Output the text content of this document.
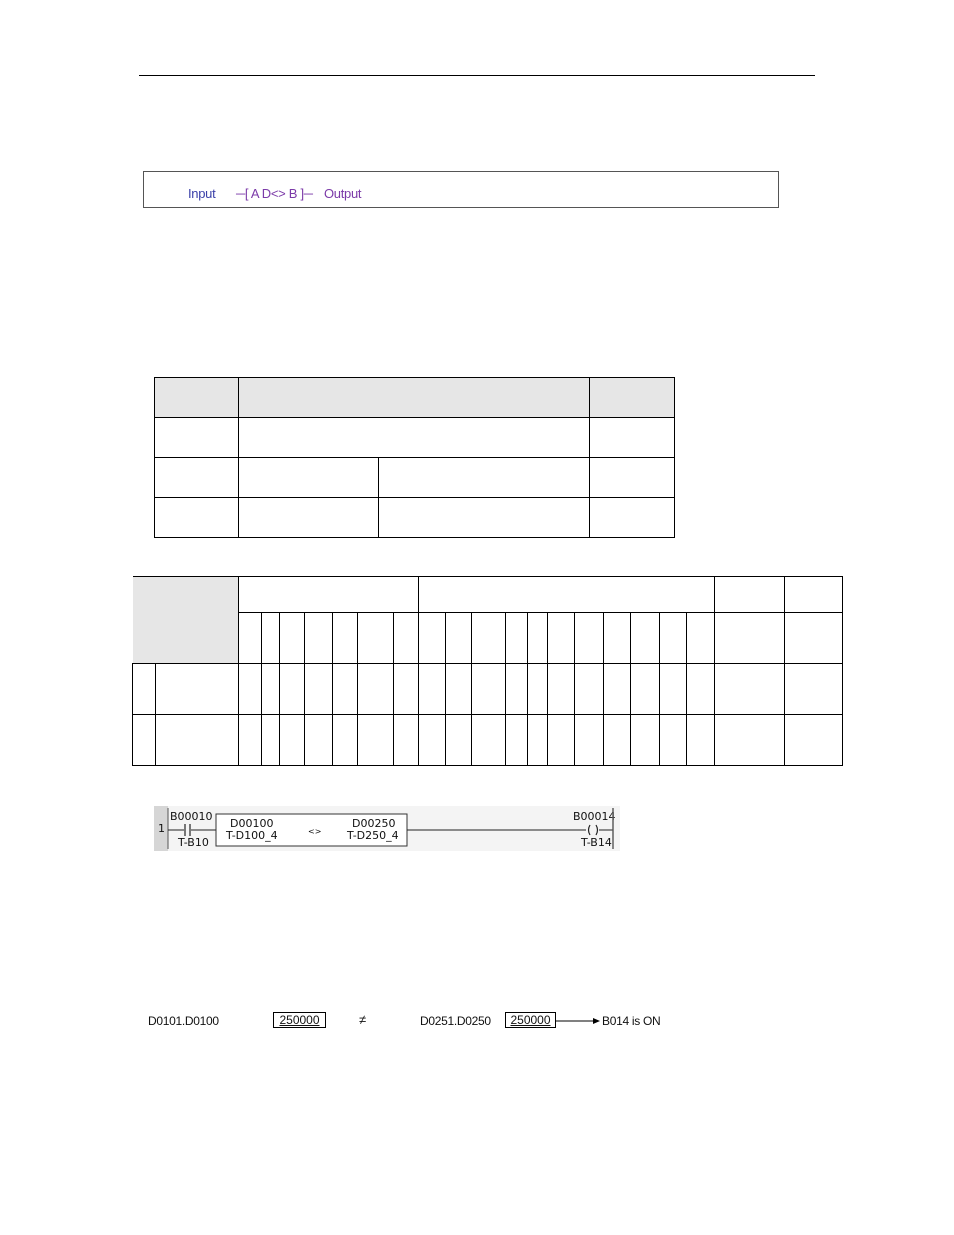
Input ─[ A D<> B ]─ Output

1
B00010
T-B10
D00100
T-D100_4	<>
D00250
T-D250_4
B00014
T-B14
D0101.D0100	250000	≠	D0251.D0250	250000	B014 is ON
